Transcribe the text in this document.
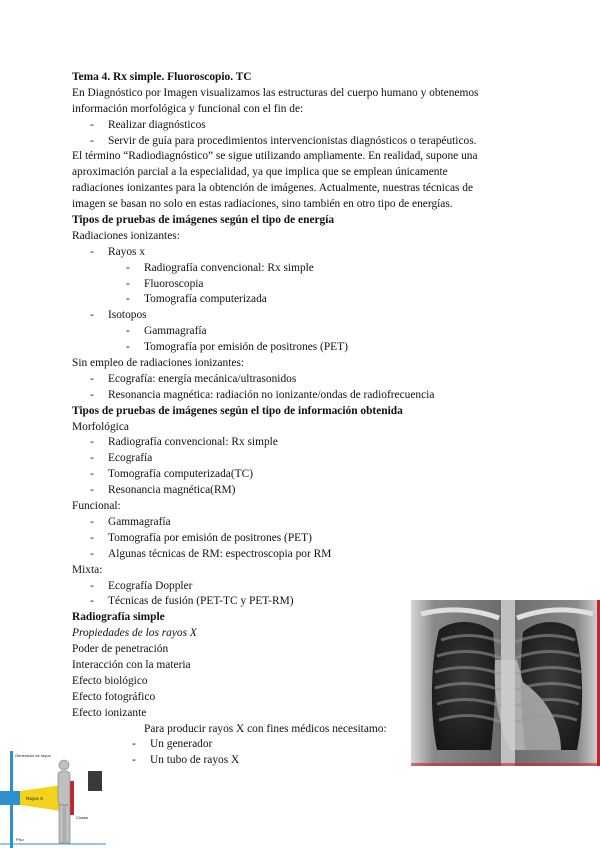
Tema 4. Rx simple. Fluoroscopio. TC
En Diagnóstico por Imagen visualizamos las estructuras del cuerpo humano y obtenemos
información morfológica y funcional con el fin de:
- Realizar diagnósticos
- Servir de guía para procedimientos intervencionistas diagnósticos o terapéuticos.
El término “Radiodiagnóstico” se sigue utilizando ampliamente. En realidad, supone una
aproximación parcial a la especialidad, ya que implica que se emplean únicamente
radiaciones ionizantes para la obtención de imágenes. Actualmente, nuestras técnicas de
imagen se basan no solo en estas radiaciones, sino también en otro tipo de energías.
Tipos de pruebas de imágenes según el tipo de energía
Radiaciones ionizantes:
- Rayos x
- Radiografía convencional: Rx simple
- Fluoroscopia
- Tomografía computerizada
- Isotopos
- Gammagrafía
- Tomografía por emisión de positrones (PET)
Sin empleo de radiaciones ionizantes:
- Ecografía: energía mecánica/ultrasonidos
- Resonancia magnética: radiación no ionizante/ondas de radiofrecuencia
Tipos de pruebas de imágenes según el tipo de información obtenida
Morfológica
- Radiografía convencional: Rx simple
- Ecografía
- Tomografía computerizada(TC)
- Resonancia magnética(RM)
Funcional:
- Gammagrafía
- Tomografía por emisión de positrones (PET)
- Algunas técnicas de RM: espectroscopia por RM
Mixta:
- Ecografía Doppler
- Técnicas de fusión (PET-TC y PET-RM)
Radiografía simple
Propiedades de los rayos X
Poder de penetración
Interacción con la materia
Efecto biológico
Efecto fotográfico
Efecto ionizante
Para producir rayos X con fines médicos necesitamo:
- Un generador
- Un tubo de rayos X
Generador de rayos
Rayos X
Chasis
Piso
